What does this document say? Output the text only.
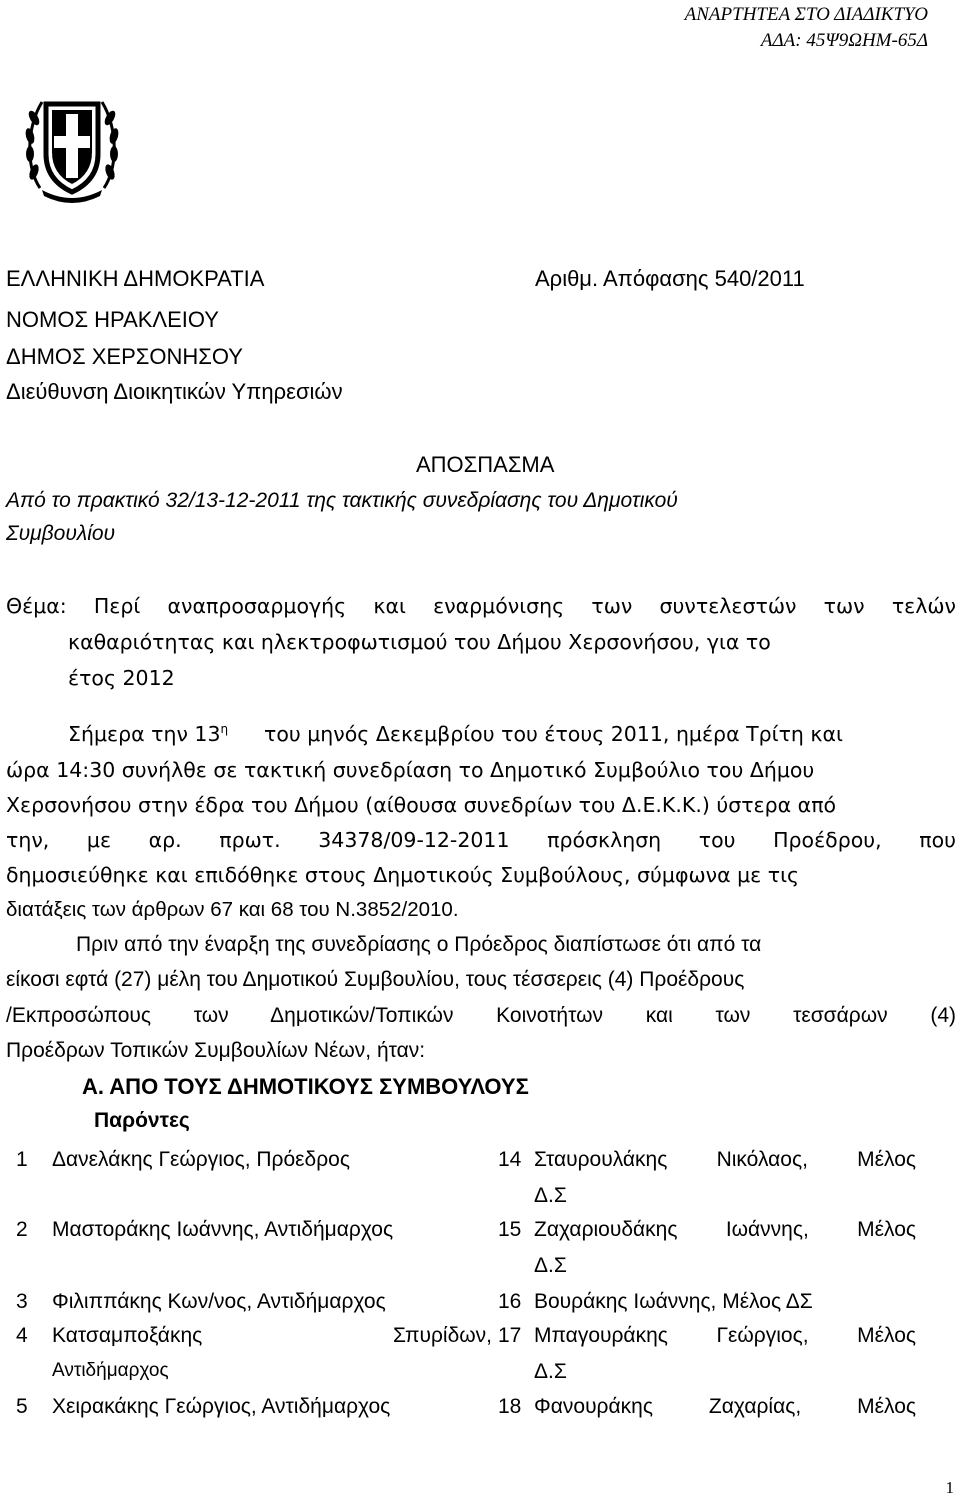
ΑΝΑΡΤΗΤΕΑ ΣΤΟ ΔΙΑΔΙΚΤΥΟ
ΑΔΑ: 45Ψ9ΩΗΜ-65Δ
ΕΛΛΗΝΙΚΗ ΔΗΜΟΚΡΑΤΙΑ	Αριθμ. Απόφασης 540/2011
ΝΟΜΟΣ ΗΡΑΚΛΕΙΟΥ
ΔΗΜΟΣ ΧΕΡΣΟΝΗΣΟΥ
Διεύθυνση Διοικητικών Υπηρεσιών
ΑΠΟΣΠΑΣΜΑ
Από το πρακτικό 32/13-12-2011 της τακτικής συνεδρίασης του Δημοτικού
Συμβουλίου
Θέμα: Περί αναπροσαρμογής και εναρμόνισης των συντελεστών των τελών
καθαριότητας και ηλεκτροφωτισμού του Δήμου Χερσονήσου, για το
έτος 2012
Σήμερα την $13^\eta$ του μηνός Δεκεμβρίου του έτους 2011, ημέρα Τρίτη και
ώρα 14:30 συνήλθε σε τακτική συνεδρίαση το Δημοτικό Συμβούλιο του Δήμου
Χερσονήσου στην έδρα του Δήμου (αίθουσα συνεδρίων του Δ.Ε.Κ.Κ.) ύστερα από
την, με αρ. πρωτ. 34378/09-12-2011 πρόσκληση του Προέδρου, που
δημοσιεύθηκε και επιδόθηκε στους Δημοτικούς Συμβούλους, σύμφωνα με τις
διατάξεις των άρθρων 67 και 68 του Ν.3852/2010.
Πριν από την έναρξη της συνεδρίασης ο Πρόεδρος διαπίστωσε ότι από τα
είκοσι εφτά (27) μέλη του Δημοτικού Συμβουλίου, τους τέσσερεις (4) Προέδρους
/Εκπροσώπους των Δημοτικών/Τοπικών Κοινοτήτων και των τεσσάρων (4)
Προέδρων Τοπικών Συμβουλίων Νέων, ήταν:
Α. ΑΠΟ ΤΟΥΣ ΔΗΜΟΤΙΚΟΥΣ ΣΥΜΒΟΥΛΟΥΣ
Παρόντες
1 Δανελάκης Γεώργιος, Πρόεδρος
2 Μαστοράκης Ιωάννης, Αντιδήμαρχος
3 Φιλιππάκης Κων/νος, Αντιδήμαρχος
4 Κατσαμποξάκης Σπυρίδων,
Αντιδήμαρχος
5 Χειρακάκης Γεώργιος, Αντιδήμαρχος
14 Σταυρουλάκης Νικόλαος, Μέλος
Δ.Σ
15 Ζαχαριουδάκης Ιωάννης, Μέλος
Δ.Σ
16 Βουράκης Ιωάννης, Μέλος ΔΣ
17 Μπαγουράκης Γεώργιος, Μέλος
Δ.Σ
18 Φανουράκης Ζαχαρίας, Μέλος
1
